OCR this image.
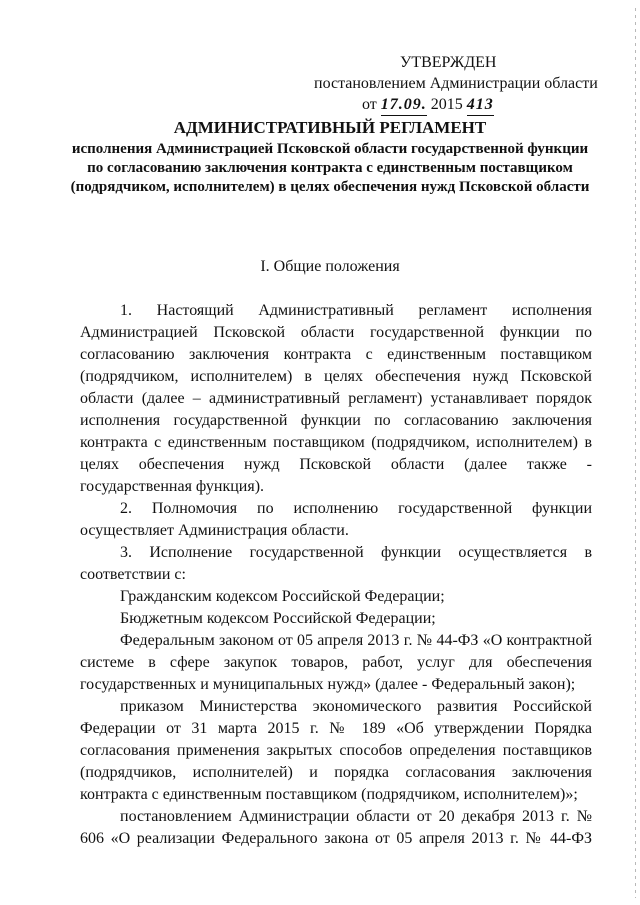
УТВЕРЖДЕН
постановлением Администрации области
от 17.09. 2015 413
АДМИНИСТРАТИВНЫЙ РЕГЛАМЕНТ
исполнения Администрацией Псковской области государственной функции по согласованию заключения контракта с единственным поставщиком (подрядчиком, исполнителем) в целях обеспечения нужд Псковской области
I. Общие положения

1. Настоящий Административный регламент исполнения Администрацией Псковской области государственной функции по согласованию заключения контракта с единственным поставщиком (подрядчиком, исполнителем) в целях обеспечения нужд Псковской области (далее – административный регламент) устанавливает порядок исполнения государственной функции по согласованию заключения контракта с единственным поставщиком (подрядчиком, исполнителем) в целях обеспечения нужд Псковской области (далее также - государственная функция).

2. Полномочия по исполнению государственной функции осуществляет Администрация области.

3. Исполнение государственной функции осуществляется в соответствии с:

Гражданским кодексом Российской Федерации;

Бюджетным кодексом Российской Федерации;

Федеральным законом от 05 апреля 2013 г. № 44-ФЗ «О контрактной системе в сфере закупок товаров, работ, услуг для обеспечения государственных и муниципальных нужд» (далее - Федеральный закон);

приказом Министерства экономического развития Российской Федерации от 31 марта 2015 г. № 189 «Об утверждении Порядка согласования применения закрытых способов определения поставщиков (подрядчиков, исполнителей) и порядка согласования заключения контракта с единственным поставщиком (подрядчиком, исполнителем)»;

постановлением Администрации области от 20 декабря 2013 г. № 606 «О реализации Федерального закона от 05 апреля 2013 г. № 44-ФЗ
